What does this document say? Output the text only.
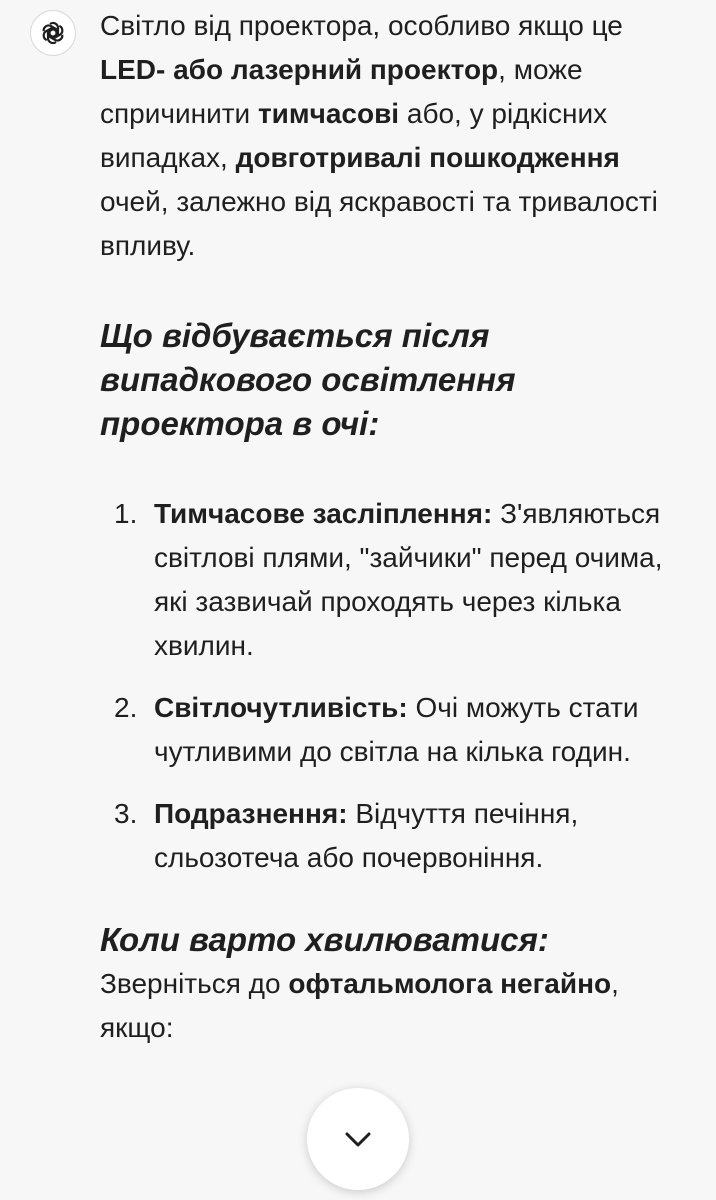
Світло від проектора, особливо якщо це LED- або лазерний проектор, може спричинити тимчасові або, у рідкісних випадках, довготривалі пошкодження очей, залежно від яскравості та тривалості впливу.

Що відбувається після випадкового освітлення проектора в очі:
1. Тимчасове засліплення: З'являються світлові плями, "зайчики" перед очима, які зазвичай проходять через кілька хвилин.
2. Світлочутливість: Очі можуть стати чутливими до світла на кілька годин.
3. Подразнення: Відчуття печіння, сльозотеча або почервоніння.
Коли варто хвилюватися:

Зверніться до офтальмолога негайно, якщо:
